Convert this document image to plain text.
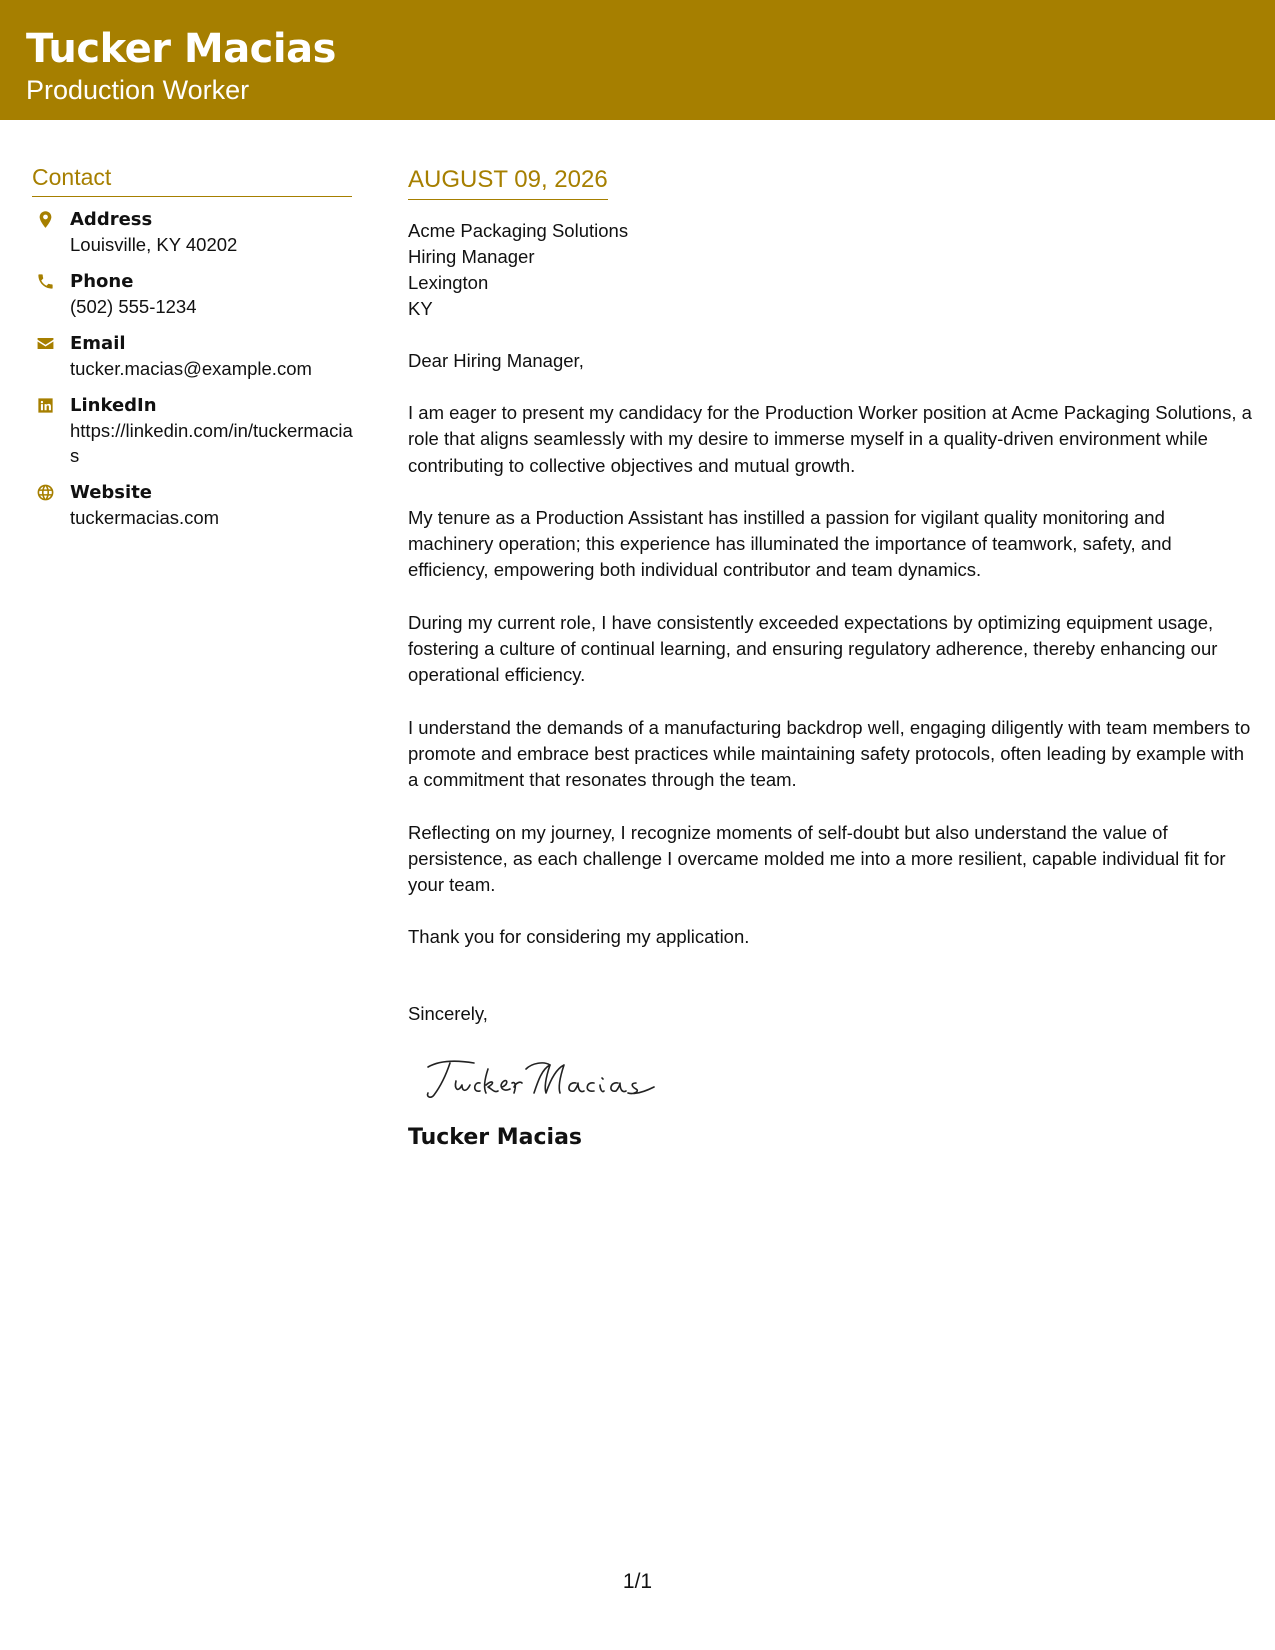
Tucker Macias
Production Worker
Contact
Address
Louisville, KY 40202
Phone
(502) 555-1234
Email
tucker.macias@example.com
LinkedIn
https://linkedin.com/in/tuckermacias
Website
tuckermacias.com
AUGUST 09, 2026
Acme Packaging Solutions
Hiring Manager
Lexington
KY
Dear Hiring Manager,

I am eager to present my candidacy for the Production Worker position at Acme Packaging Solutions, a role that aligns seamlessly with my desire to immerse myself in a quality-driven environment while contributing to collective objectives and mutual growth.

My tenure as a Production Assistant has instilled a passion for vigilant quality monitoring and machinery operation; this experience has illuminated the importance of teamwork, safety, and efficiency, empowering both individual contributor and team dynamics.

During my current role, I have consistently exceeded expectations by optimizing equipment usage, fostering a culture of continual learning, and ensuring regulatory adherence, thereby enhancing our operational efficiency.

I understand the demands of a manufacturing backdrop well, engaging diligently with team members to promote and embrace best practices while maintaining safety protocols, often leading by example with a commitment that resonates through the team.

Reflecting on my journey, I recognize moments of self-doubt but also understand the value of persistence, as each challenge I overcame molded me into a more resilient, capable individual fit for your team.

Thank you for considering my application.

Sincerely,
Tucker Macias
1/1
